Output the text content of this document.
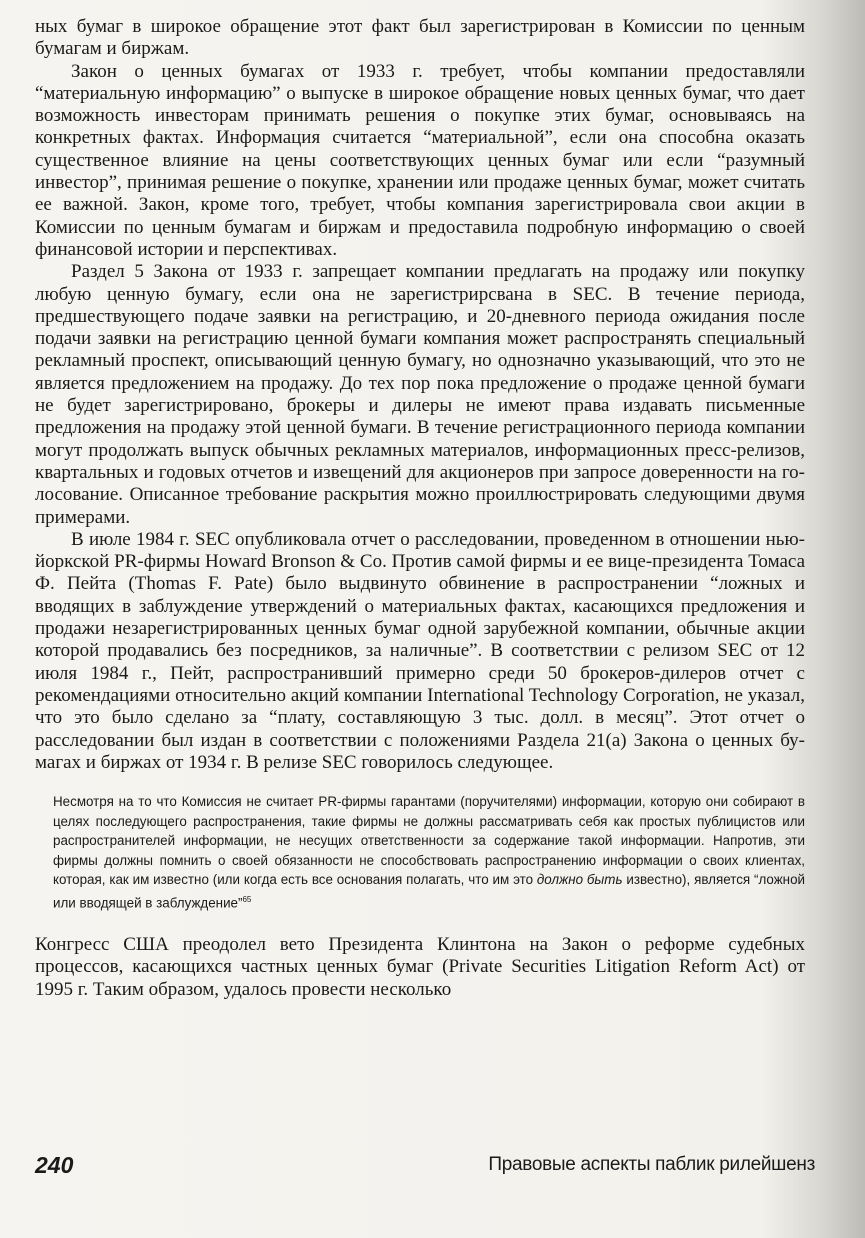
ных бумаг в широкое обращение этот факт был зарегистрирован в Комиссии по ценным бумагам и биржам.

Закон о ценных бумагах от 1933 г. требует, чтобы компании предоставляли “материальную информацию” о выпуске в широкое обращение новых ценных бумаг, что дает возможность инвесторам принимать решения о покупке этих бумаг, основываясь на конкретных фактах. Информация считается “материальной”, если она способна оказать существенное влияние на цены соответствующих ценных бумаг или если “разумный инвестор”, принимая решение о покупке, хранении или продаже ценных бумаг, может считать ее важной. Закон, кроме того, требует, чтобы компания зарегистрировала свои акции в Комиссии по ценным бумагам и биржам и предоставила подробную информацию о своей финансовой истории и перспективах.

Раздел 5 Закона от 1933 г. запрещает компании предлагать на продажу или покупку любую ценную бумагу, если она не зарегистрирсвана в SEC. В течение периода, предшествующего подаче заявки на регистрацию, и 20-дневного периода ожидания после подачи заявки на регистрацию ценной бумаги компания может распространять специальный рекламный проспект, описывающий ценную бумагу, но однозначно указывающий, что это не является предложением на продажу. До тех пор пока предложение о продаже ценной бумаги не будет зарегистрировано, брокеры и дилеры не имеют права издавать письменные предложения на продажу этой ценной бумаги. В течение регистрационного периода компании могут продолжать выпуск обычных рекламных материалов, информационных пресс-релизов, квартальных и годовых отчетов и извещений для акционеров при запросе доверенности на голосование. Описанное требование раскрытия можно проиллюстрировать следующими двумя примерами.

В июле 1984 г. SEC опубликовала отчет о расследовании, проведенном в отношении нью-йоркской PR-фирмы Howard Bronson & Co. Против самой фирмы и ее вице-президента Томаса Ф. Пейта (Thomas F. Pate) было выдвинуто обвинение в распространении “ложных и вводящих в заблуждение утверждений о материальных фактах, касающихся предложения и продажи незарегистрированных ценных бумаг одной зарубежной компании, обычные акции которой продавались без посредников, за наличные”. В соответствии с релизом SEC от 12 июля 1984 г., Пейт, распространивший примерно среди 50 брокеров-дилеров отчет с рекомендациями относительно акций компании International Technology Corporation, не указал, что это было сделано за “плату, составляющую 3 тыс. долл. в месяц”. Этот отчет о расследовании был издан в соответствии с положениями Раздела 21(a) Закона о ценных бумагах и биржах от 1934 г. В релизе SEC говорилось следующее.

Несмотря на то что Комиссия не считает PR-фирмы гарантами (поручителями) информации, которую они собирают в целях последующего распространения, такие фирмы не должны рассматривать себя как простых публицистов или распространителей информации, не несущих ответственности за содержание такой информации. Напротив, эти фирмы должны помнить о своей обязанности не способствовать распространению информации о своих клиентах, которая, как им известно (или когда есть все основания полагать, что им это должно быть известно), является “ложной или вводящей в заблуждение”$^{65}$

Конгресс США преодолел вето Президента Клинтона на Закон о реформе судебных процессов, касающихся частных ценных бумаг (Private Securities Litigation Reform Act) от 1995 г. Таким образом, удалось провести несколько

240	Правовые аспекты паблик рилейшенз
